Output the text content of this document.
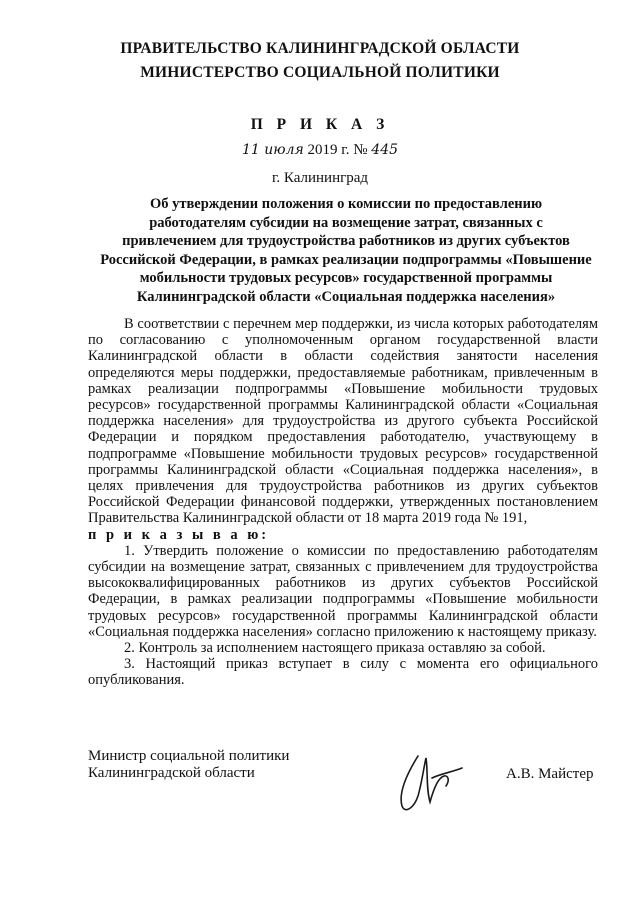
ПРАВИТЕЛЬСТВО КАЛИНИНГРАДСКОЙ ОБЛАСТИ
МИНИСТЕРСТВО СОЦИАЛЬНОЙ ПОЛИТИКИ
П Р И К А З
11 июля 2019 г. № 445
г. Калининград
Об утверждении положения о комиссии по предоставлению
работодателям субсидии на возмещение затрат, связанных с
привлечением для трудоустройства работников из других субъектов
Российской Федерации, в рамках реализации подпрограммы «Повышение
мобильности трудовых ресурсов» государственной программы
Калининградской области «Социальная поддержка населения»

В соответствии с перечнем мер поддержки, из числа которых работодателям по согласованию с уполномоченным органом государственной власти Калининградской области в области содействия занятости населения определяются меры поддержки, предоставляемые работникам, привлеченным в рамках реализации подпрограммы «Повышение мобильности трудовых ресурсов» государственной программы Калининградской области «Социальная поддержка населения» для трудоустройства из другого субъекта Российской Федерации и порядком предоставления работодателю, участвующему в подпрограмме «Повышение мобильности трудовых ресурсов» государственной программы Калининградской области «Социальная поддержка населения», в целях привлечения для трудоустройства работников из других субъектов Российской Федерации финансовой поддержки, утвержденных постановлением Правительства Калининградской области от 18 марта 2019 года № 191,

п р и к а з ы в а ю:

1. Утвердить положение о комиссии по предоставлению работодателям субсидии на возмещение затрат, связанных с привлечением для трудоустройства высококвалифицированных работников из других субъектов Российской Федерации, в рамках реализации подпрограммы «Повышение мобильности трудовых ресурсов» государственной программы Калининградской области «Социальная поддержка населения» согласно приложению к настоящему приказу.

2. Контроль за исполнением настоящего приказа оставляю за собой.

3. Настоящий приказ вступает в силу с момента его официального опубликования.

Министр социальной политики
Калининградской области	А.В. Майстер
